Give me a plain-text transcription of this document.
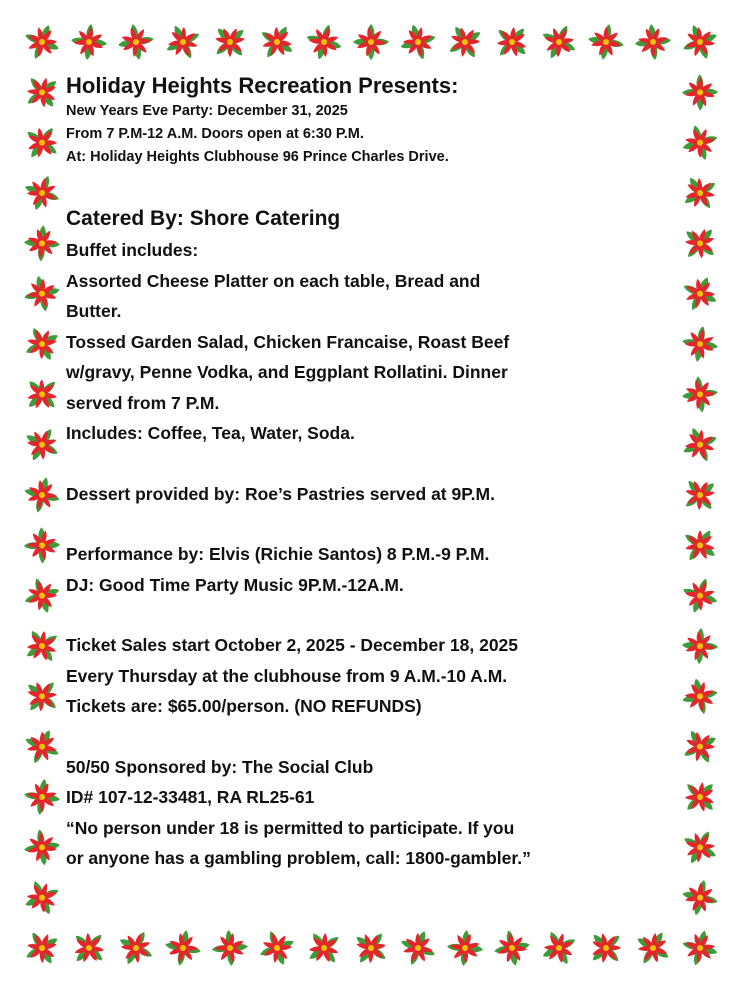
Holiday Heights Recreation Presents:
New Years Eve Party: December 31, 2025
From 7 P.M-12 A.M. Doors open at 6:30 P.M.
At: Holiday Heights Clubhouse 96 Prince Charles Drive.
Catered By: Shore Catering
Buffet includes:
Assorted Cheese Platter on each table, Bread and
Butter.
Tossed Garden Salad, Chicken Francaise, Roast Beef
w/gravy, Penne Vodka, and Eggplant Rollatini. Dinner
served from 7 P.M.
Includes: Coffee, Tea, Water, Soda.
Dessert provided by: Roe’s Pastries served at 9P.M.
Performance by: Elvis (Richie Santos) 8 P.M.-9 P.M.
DJ: Good Time Party Music 9P.M.-12A.M.
Ticket Sales start October 2, 2025 - December 18, 2025
Every Thursday at the clubhouse from 9 A.M.-10 A.M.
Tickets are: $65.00/person. (NO REFUNDS)
50/50 Sponsored by: The Social Club
ID# 107-12-33481, RA RL25-61
“No person under 18 is permitted to participate. If you
or anyone has a gambling problem, call: 1800-gambler.”
